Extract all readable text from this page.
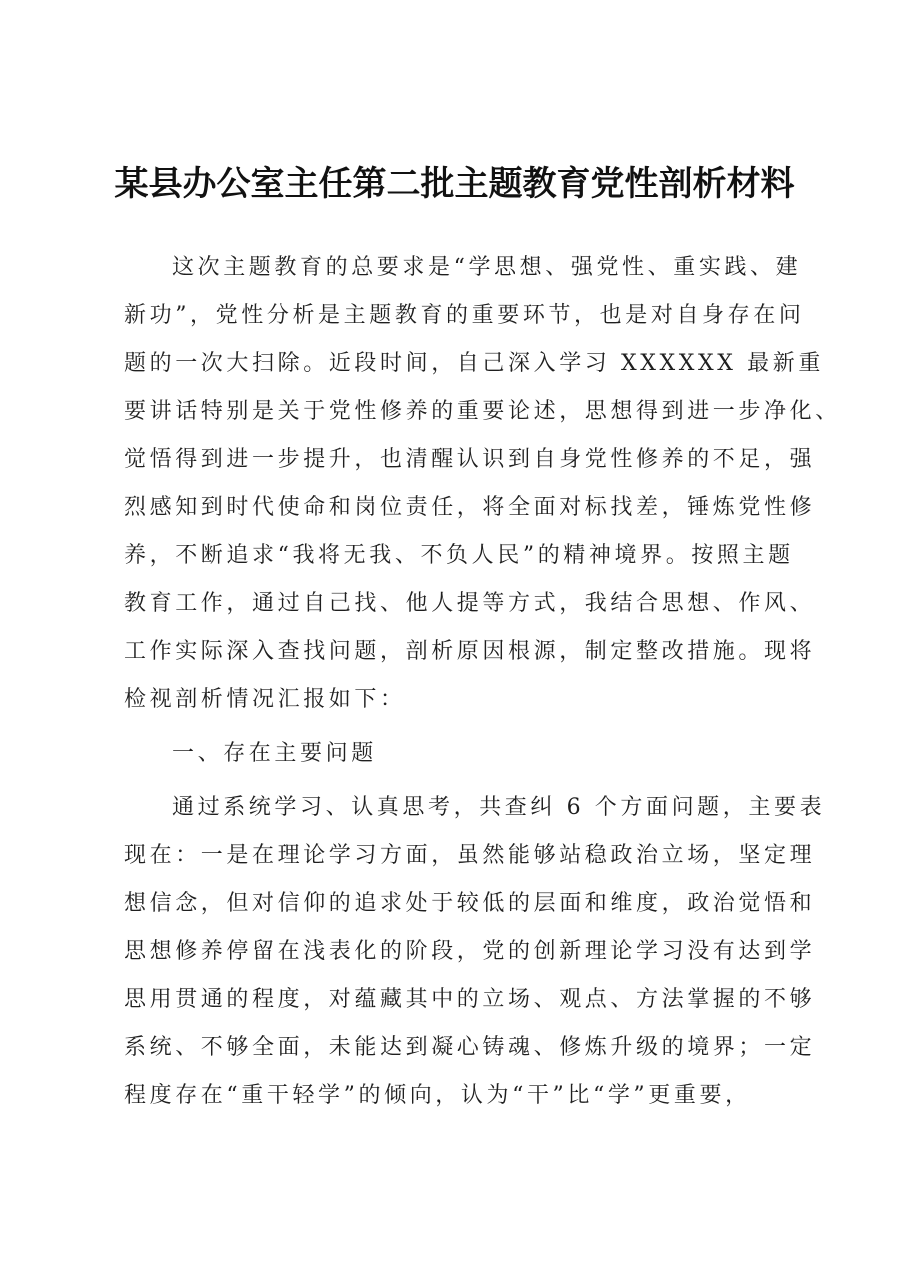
某县办公室主任第二批主题教育党性剖析材料
这次主题教育的总要求是“学思想、强党性、重实践、建
新功”，党性分析是主题教育的重要环节，也是对自身存在问
题的一次大扫除。近段时间，自己深入学习 XXXXXX 最新重
要讲话特别是关于党性修养的重要论述，思想得到进一步净化、
觉悟得到进一步提升，也清醒认识到自身党性修养的不足，强
烈感知到时代使命和岗位责任，将全面对标找差，锤炼党性修
养，不断追求“我将无我、不负人民”的精神境界。按照主题
教育工作，通过自己找、他人提等方式，我结合思想、作风、
工作实际深入查找问题，剖析原因根源，制定整改措施。现将
检视剖析情况汇报如下：
一、存在主要问题
通过系统学习、认真思考，共查纠 6 个方面问题，主要表
现在：一是在理论学习方面，虽然能够站稳政治立场，坚定理
想信念，但对信仰的追求处于较低的层面和维度，政治觉悟和
思想修养停留在浅表化的阶段，党的创新理论学习没有达到学
思用贯通的程度，对蕴藏其中的立场、观点、方法掌握的不够
系统、不够全面，未能达到凝心铸魂、修炼升级的境界；一定
程度存在“重干轻学”的倾向，认为“干”比“学”更重要，
